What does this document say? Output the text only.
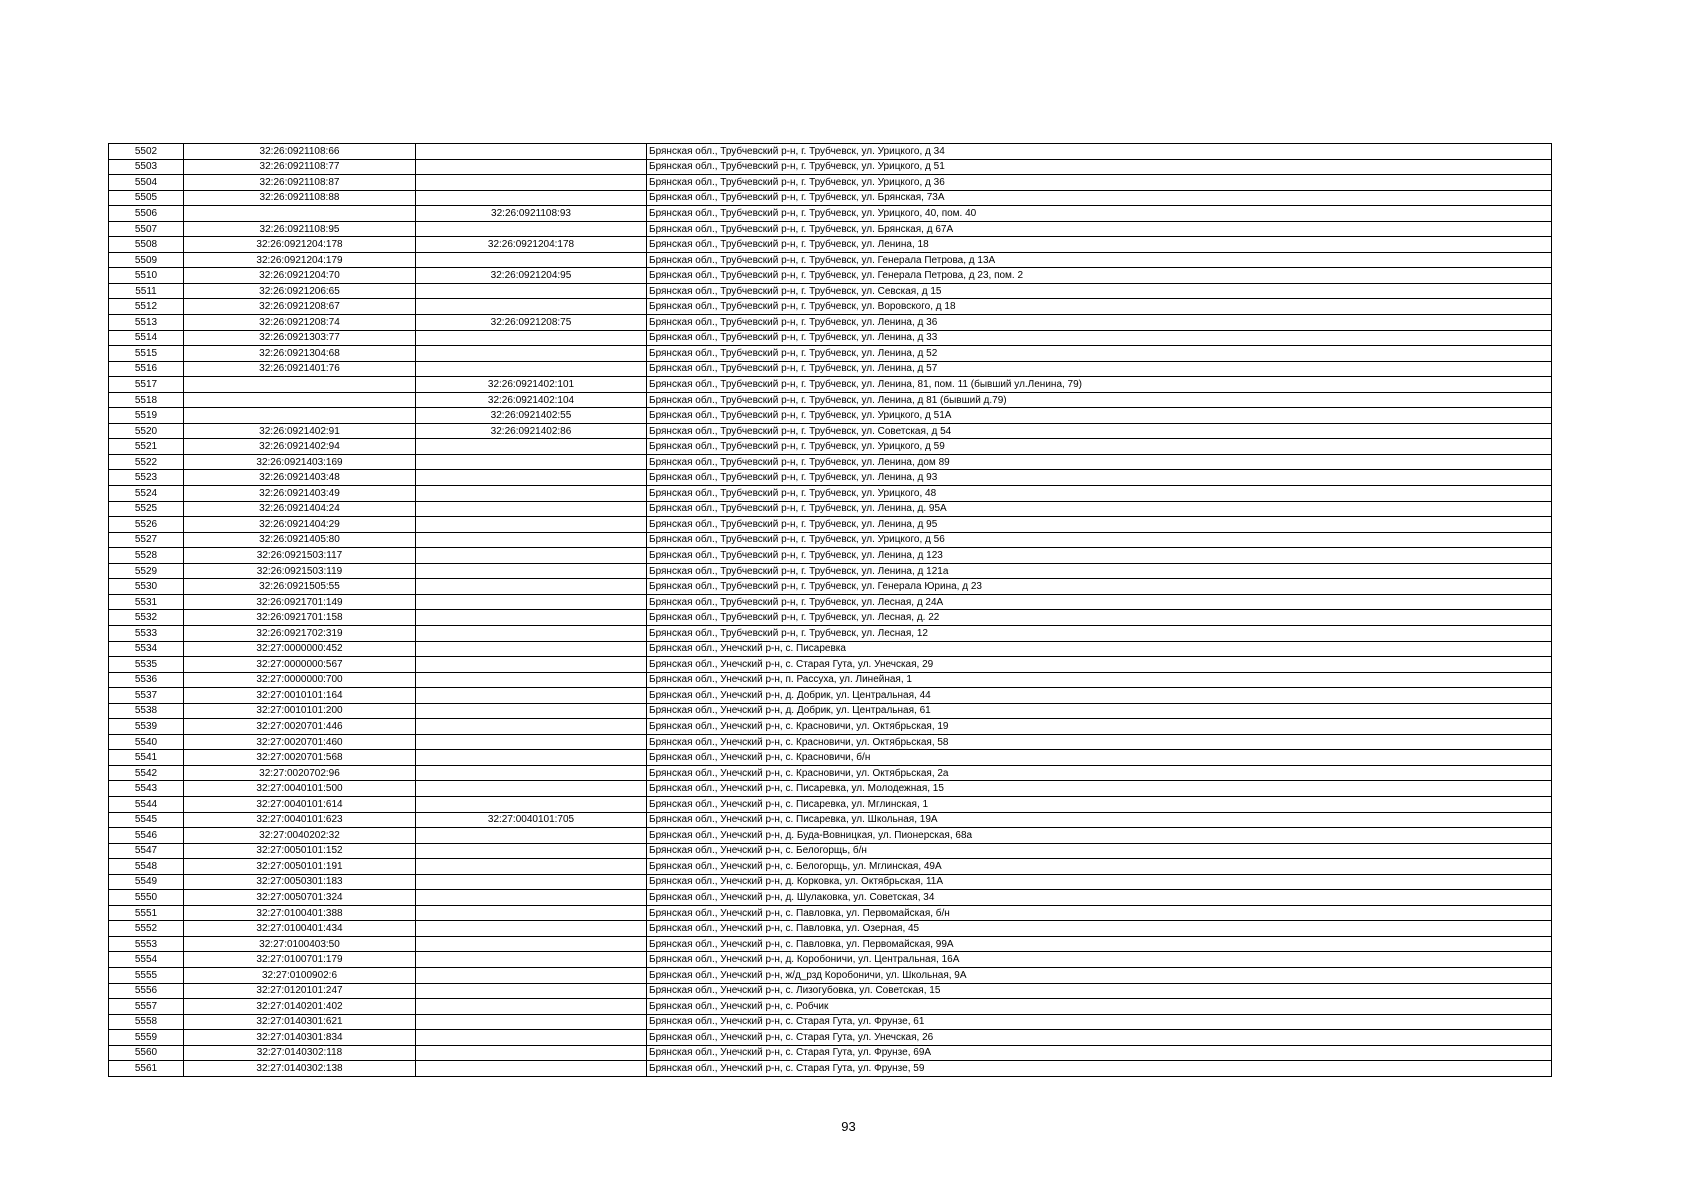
5502	32:26:0921108:66		Брянская обл., Трубчевский р-н, г. Трубчевск, ул. Урицкого, д 34
5503	32:26:0921108:77		Брянская обл., Трубчевский р-н, г. Трубчевск, ул. Урицкого, д 51
5504	32:26:0921108:87		Брянская обл., Трубчевский р-н, г. Трубчевск, ул. Урицкого, д 36
5505	32:26:0921108:88		Брянская обл., Трубчевский р-н, г. Трубчевск, ул. Брянская, 73А
5506		32:26:0921108:93	Брянская обл., Трубчевский р-н, г. Трубчевск, ул. Урицкого, 40, пом. 40
5507	32:26:0921108:95		Брянская обл., Трубчевский р-н, г. Трубчевск, ул. Брянская, д 67А
5508	32:26:0921204:178	32:26:0921204:178	Брянская обл., Трубчевский р-н, г. Трубчевск, ул. Ленина, 18
5509	32:26:0921204:179		Брянская обл., Трубчевский р-н, г. Трубчевск, ул. Генерала Петрова, д 13А
5510	32:26:0921204:70	32:26:0921204:95	Брянская обл., Трубчевский р-н, г. Трубчевск, ул. Генерала Петрова, д 23, пом. 2
5511	32:26:0921206:65		Брянская обл., Трубчевский р-н, г. Трубчевск, ул. Севская, д 15
5512	32:26:0921208:67		Брянская обл., Трубчевский р-н, г. Трубчевск, ул. Воровского, д 18
5513	32:26:0921208:74	32:26:0921208:75	Брянская обл., Трубчевский р-н, г. Трубчевск, ул. Ленина, д 36
5514	32:26:0921303:77		Брянская обл., Трубчевский р-н, г. Трубчевск, ул. Ленина, д 33
5515	32:26:0921304:68		Брянская обл., Трубчевский р-н, г. Трубчевск, ул. Ленина, д 52
5516	32:26:0921401:76		Брянская обл., Трубчевский р-н, г. Трубчевск, ул. Ленина, д 57
5517		32:26:0921402:101	Брянская обл., Трубчевский р-н, г. Трубчевск, ул. Ленина, 81, пом. 11 (бывший ул.Ленина, 79)
5518		32:26:0921402:104	Брянская обл., Трубчевский р-н, г. Трубчевск, ул. Ленина, д 81 (бывший д.79)
5519		32:26:0921402:55	Брянская обл., Трубчевский р-н, г. Трубчевск, ул. Урицкого, д 51А
5520	32:26:0921402:91	32:26:0921402:86	Брянская обл., Трубчевский р-н, г. Трубчевск, ул. Советская, д 54
5521	32:26:0921402:94		Брянская обл., Трубчевский р-н, г. Трубчевск, ул. Урицкого, д 59
5522	32:26:0921403:169		Брянская обл., Трубчевский р-н, г. Трубчевск, ул. Ленина, дом 89
5523	32:26:0921403:48		Брянская обл., Трубчевский р-н, г. Трубчевск, ул. Ленина, д 93
5524	32:26:0921403:49		Брянская обл., Трубчевский р-н, г. Трубчевск, ул. Урицкого, 48
5525	32:26:0921404:24		Брянская обл., Трубчевский р-н, г. Трубчевск, ул. Ленина, д. 95А
5526	32:26:0921404:29		Брянская обл., Трубчевский р-н, г. Трубчевск, ул. Ленина, д 95
5527	32:26:0921405:80		Брянская обл., Трубчевский р-н, г. Трубчевск, ул. Урицкого, д 56
5528	32:26:0921503:117		Брянская обл., Трубчевский р-н, г. Трубчевск, ул. Ленина, д 123
5529	32:26:0921503:119		Брянская обл., Трубчевский р-н, г. Трубчевск, ул. Ленина, д 121а
5530	32:26:0921505:55		Брянская обл., Трубчевский р-н, г. Трубчевск, ул. Генерала Юрина, д 23
5531	32:26:0921701:149		Брянская обл., Трубчевский р-н, г. Трубчевск, ул. Лесная, д 24А
5532	32:26:0921701:158		Брянская обл., Трубчевский р-н, г. Трубчевск, ул. Лесная, д. 22
5533	32:26:0921702:319		Брянская обл., Трубчевский р-н, г. Трубчевск, ул. Лесная, 12
5534	32:27:0000000:452		Брянская обл., Унечский р-н, с. Писаревка
5535	32:27:0000000:567		Брянская обл., Унечский р-н, с. Старая Гута, ул. Унечская, 29
5536	32:27:0000000:700		Брянская обл., Унечский р-н, п. Рассуха, ул. Линейная, 1
5537	32:27:0010101:164		Брянская обл., Унечский р-н, д. Добрик, ул. Центральная, 44
5538	32:27:0010101:200		Брянская обл., Унечский р-н, д. Добрик, ул. Центральная, 61
5539	32:27:0020701:446		Брянская обл., Унечский р-н, с. Красновичи, ул. Октябрьская, 19
5540	32:27:0020701:460		Брянская обл., Унечский р-н, с. Красновичи, ул. Октябрьская, 58
5541	32:27:0020701:568		Брянская обл., Унечский р-н, с. Красновичи, б/н
5542	32:27:0020702:96		Брянская обл., Унечский р-н, с. Красновичи, ул. Октябрьская, 2а
5543	32:27:0040101:500		Брянская обл., Унечский р-н, с. Писаревка, ул. Молодежная, 15
5544	32:27:0040101:614		Брянская обл., Унечский р-н, с. Писаревка, ул. Мглинская, 1
5545	32:27:0040101:623	32:27:0040101:705	Брянская обл., Унечский р-н, с. Писаревка, ул. Школьная, 19А
5546	32:27:0040202:32		Брянская обл., Унечский р-н, д. Буда-Вовницкая, ул. Пионерская, 68а
5547	32:27:0050101:152		Брянская обл., Унечский р-н, с. Белогорщь, б/н
5548	32:27:0050101:191		Брянская обл., Унечский р-н, с. Белогорщь, ул. Мглинская, 49А
5549	32:27:0050301:183		Брянская обл., Унечский р-н, д. Корковка, ул. Октябрьская, 11А
5550	32:27:0050701:324		Брянская обл., Унечский р-н, д. Шулаковка, ул. Советская, 34
5551	32:27:0100401:388		Брянская обл., Унечский р-н, с. Павловка, ул. Первомайская, б/н
5552	32:27:0100401:434		Брянская обл., Унечский р-н, с. Павловка, ул. Озерная, 45
5553	32:27:0100403:50		Брянская обл., Унечский р-н, с. Павловка, ул. Первомайская, 99А
5554	32:27:0100701:179		Брянская обл., Унечский р-н, д. Коробоничи, ул. Центральная, 16А
5555	32:27:0100902:6		Брянская обл., Унечский р-н, ж/д_рзд Коробоничи, ул. Школьная, 9А
5556	32:27:0120101:247		Брянская обл., Унечский р-н, с. Лизогубовка, ул. Советская, 15
5557	32:27:0140201:402		Брянская обл., Унечский р-н, с. Робчик
5558	32:27:0140301:621		Брянская обл., Унечский р-н, с. Старая Гута, ул. Фрунзе, 61
5559	32:27:0140301:834		Брянская обл., Унечский р-н, с. Старая Гута, ул. Унечская, 26
5560	32:27:0140302:118		Брянская обл., Унечский р-н, с. Старая Гута, ул. Фрунзе, 69А
5561	32:27:0140302:138		Брянская обл., Унечский р-н, с. Старая Гута, ул. Фрунзе, 59
93
